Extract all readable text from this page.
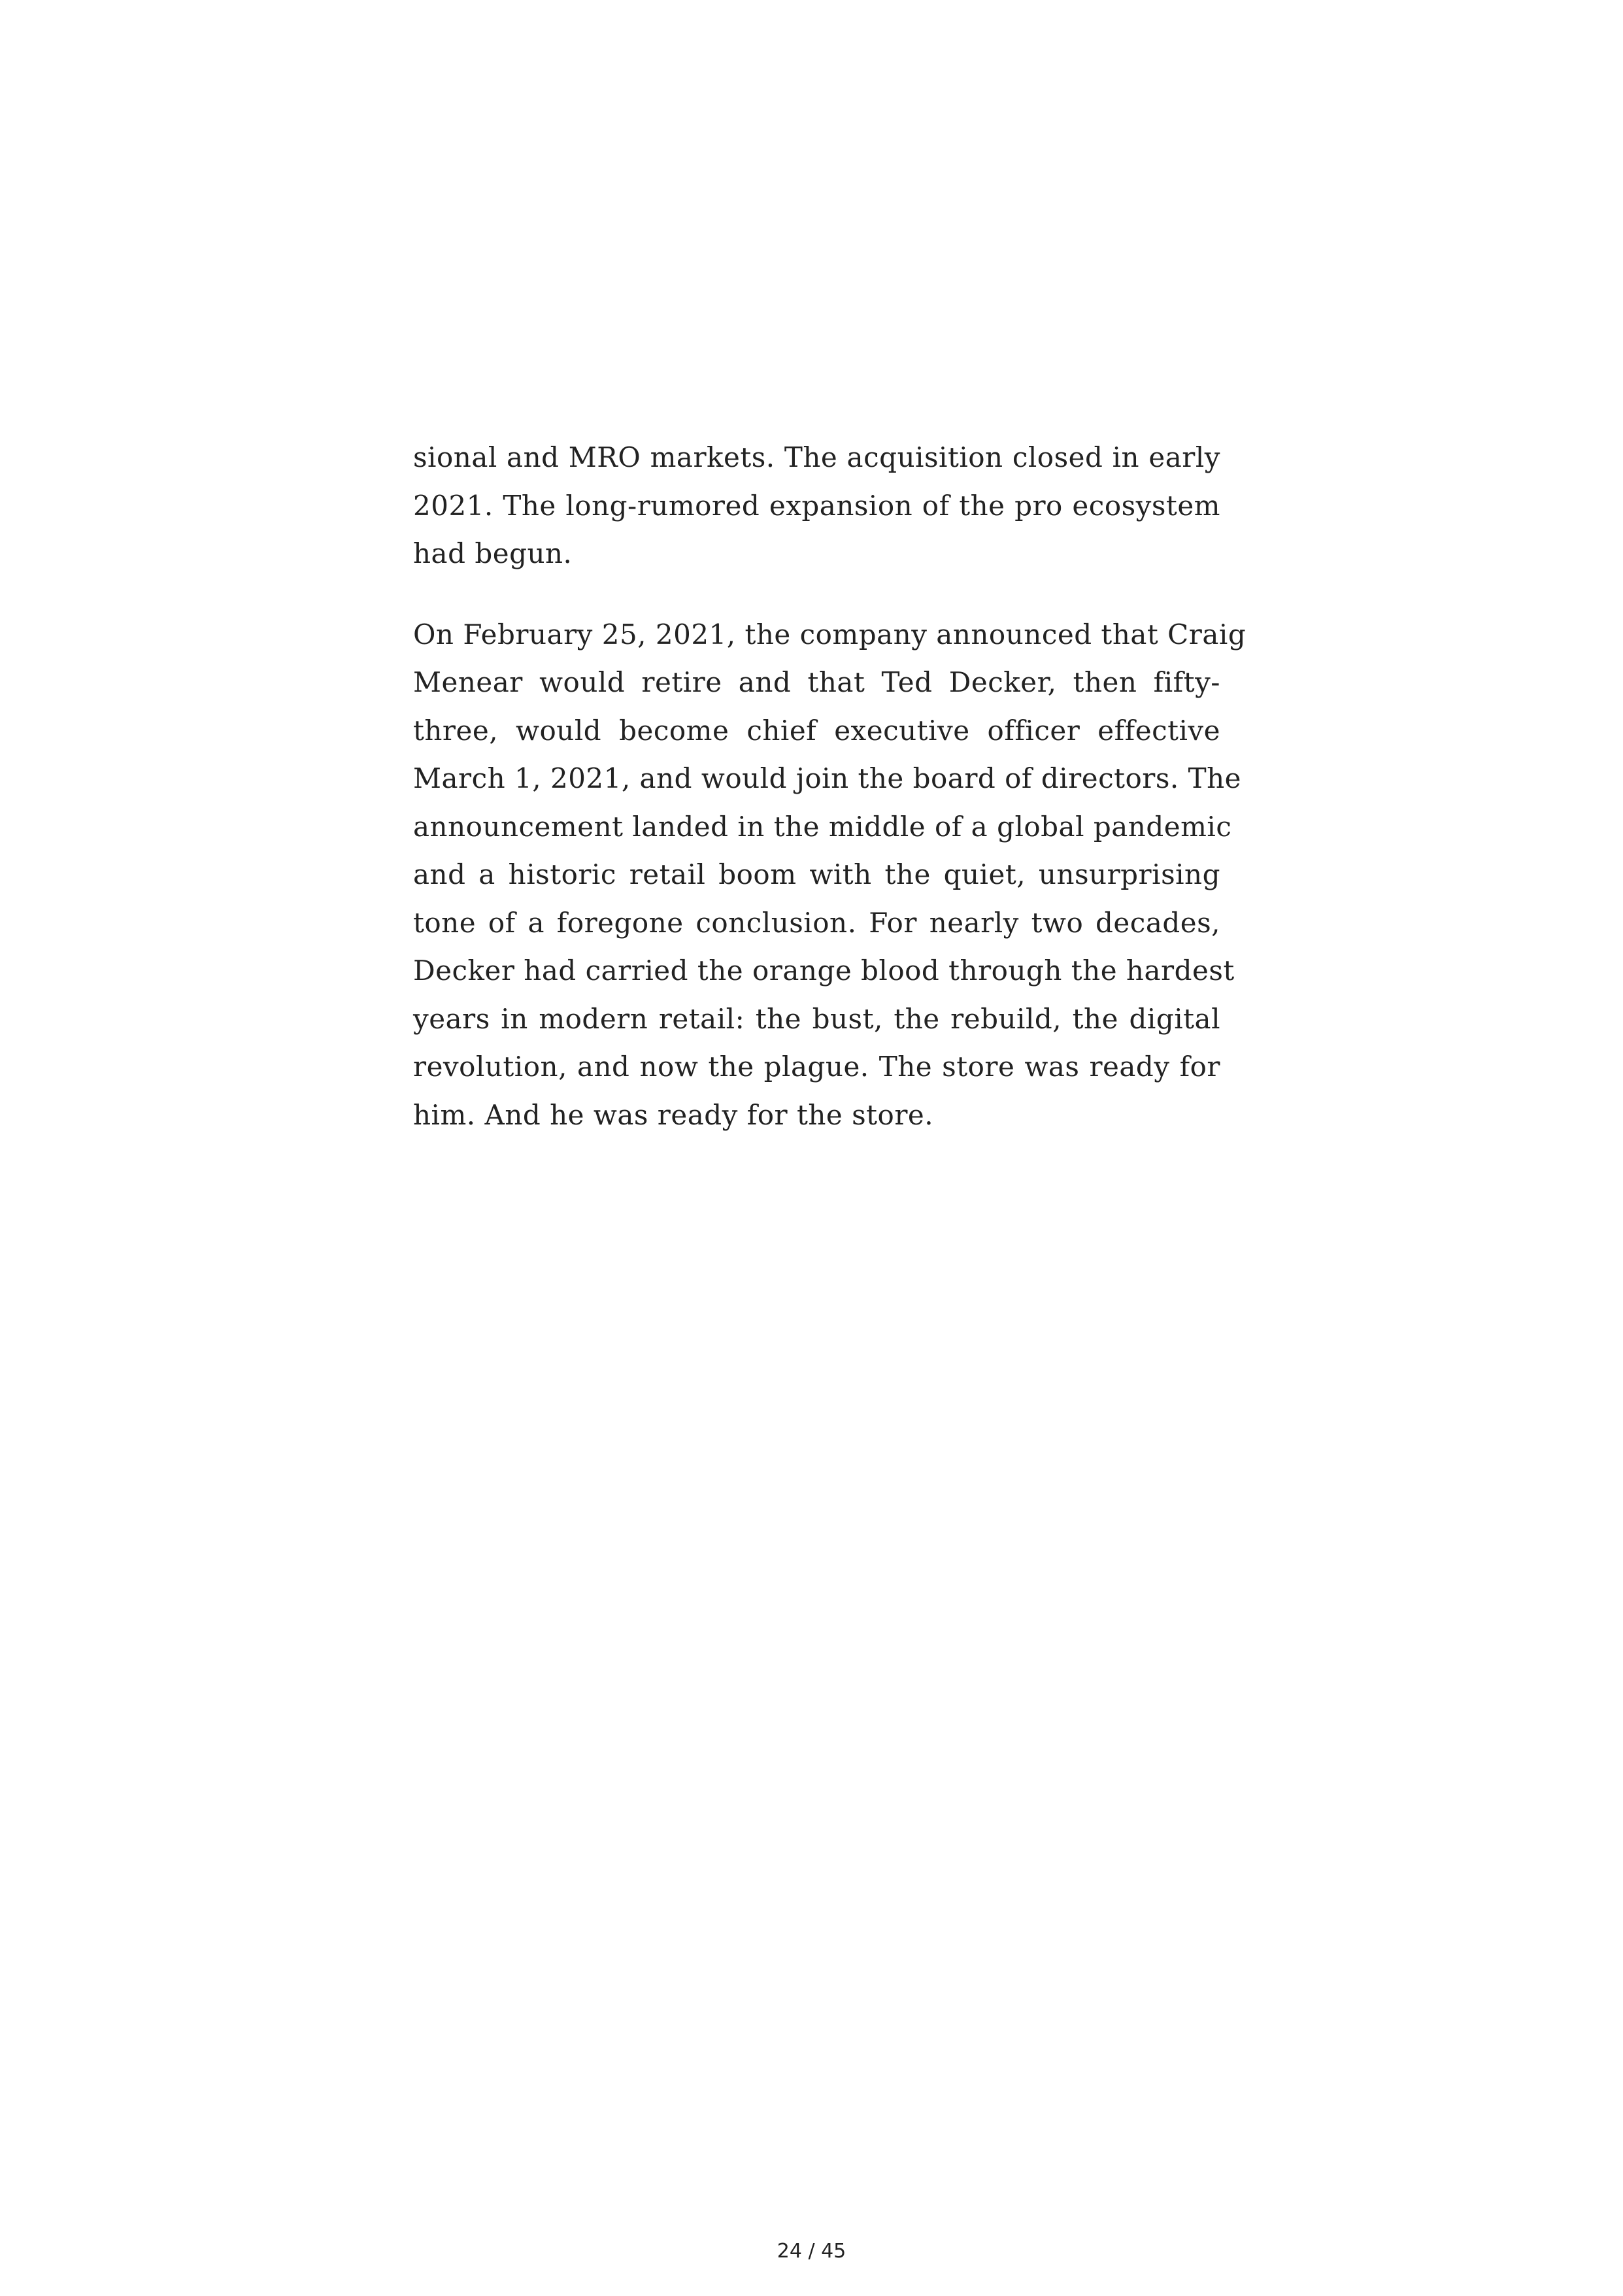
sional and MRO markets. The acquisition closed in early
2021. The long-rumored expansion of the pro ecosystem
had begun.

On February 25, 2021, the company announced that Craig
Menear would retire and that Ted Decker, then fifty-
three, would become chief executive officer effective
March 1, 2021, and would join the board of directors. The
announcement landed in the middle of a global pandemic
and a historic retail boom with the quiet, unsurprising
tone of a foregone conclusion. For nearly two decades,
Decker had carried the orange blood through the hardest
years in modern retail: the bust, the rebuild, the digital
revolution, and now the plague. The store was ready for
him. And he was ready for the store.

24 / 45
